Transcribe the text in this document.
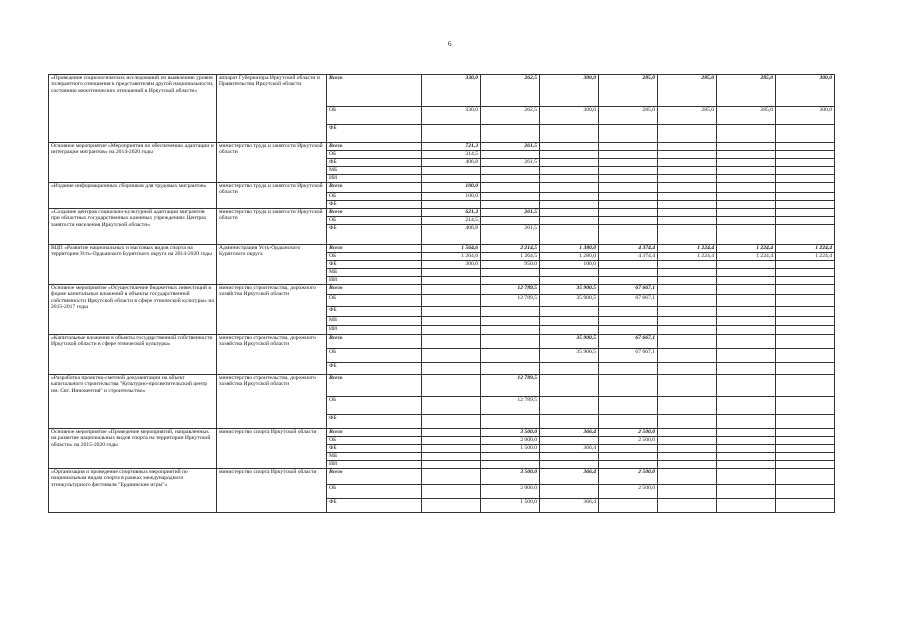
6
«Проведение социологических исследований по выявлению уровня толерантного отношения к представителям другой национальности, состоянию межэтнических отношений в Иркутской области»	аппарат Губернатора Иркутской области и Правительства Иркутской области	Всего	330,0	262,5	300,0	285,0	285,0	285,0	300,0
		ОБ	330,0	262,5	300,0	285,0	285,0	285,0	300,0
		ФБ							
Основное мероприятие «Мероприятия по обеспечению адаптации и интеграции мигрантов» на 2014-2020 годы	министерство труда и занятости Иркутской области	Всего	721,3	261,5					
		ОБ	314,5						
		ФБ	406,8	261,5					
		МБ							
		ИИ							
«Издание информационных сборников для трудовых мигрантов»	министерство труда и занятости Иркутской области	Всего	100,0						
		ОБ	100,0						
		ФБ							
«Создание центров социально-культурной адаптации мигрантов при областных государственных казенных учреждениях Центрах занятости населения Иркутской области»	министерство труда и занятости Иркутской области	Всего	621,3	261,5					
		ОБ	214,5						
		ФБ	406,8	261,5					
ВЦП «Развитие национальных и массовых видов спорта на территории Усть-Ордынского Бурятского округа на 2014-2020 годы	Администрация Усть-Ордынского Бурятского округа	Всего	1 564,6	2 214,5	1 380,0	4 374,4	1 224,4	1 224,4	1 224,4
		ОБ	1 264,6	1 264,5	1 280,0	4 374,4	1 224,4	1 224,4	1 224,4
		ФБ	300,0	950,0	100,0				
		МБ							
		ИИ							
Основное мероприятие «Осуществление бюджетных инвестиций в форме капитальных вложений в объекты государственной собственности Иркутской области в сфере этнической культуры» на 2015-2017 годы	министерство строительства, дорожного хозяйства Иркутской области	Всего		12 789,5	35 900,5	67 667,1			
		ОБ		12 789,5	35 900,5	67 667,1			
		ФБ							
		МБ							
		ИИ							
«Капитальные вложения в объекты государственной собственности Иркутской области в сфере этнической культуры»	министерство строительства, дорожного хозяйства Иркутской области	Всего			35 900,5	67 667,1			
		ОБ			35 900,5	67 667,1			
		ФБ							
«Разработка проектно-сметной документации на объект капитального строительства "Культурно-просветительский центр им. Свт. Иннокентия" и строительство»	министерство строительства, дорожного хозяйства Иркутской области	Всего		12 789,5					
		ОБ		12 789,5					
		ФБ							
Основное мероприятие «Проведение мероприятий, направленных на развитие национальных видов спорта на территории Иркутской области» на 2015-2020 годы	министерство спорта Иркутской области	Всего		3 500,0	366,4	2 500,0			
		ОБ		2 000,0		2 500,0			
		ФБ		1 500,0	366,4				
		МБ							
		ИИ							
«Организация и проведение спортивных мероприятий по национальным видам спорта в рамках международного этнокультурного фестиваля "Ерднинские игры"»	министерство спорта Иркутской области	Всего		3 500,0	366,4	2 500,0			
		ОБ		2 000,0		2 500,0			
		ФБ		1 500,0	366,4				
